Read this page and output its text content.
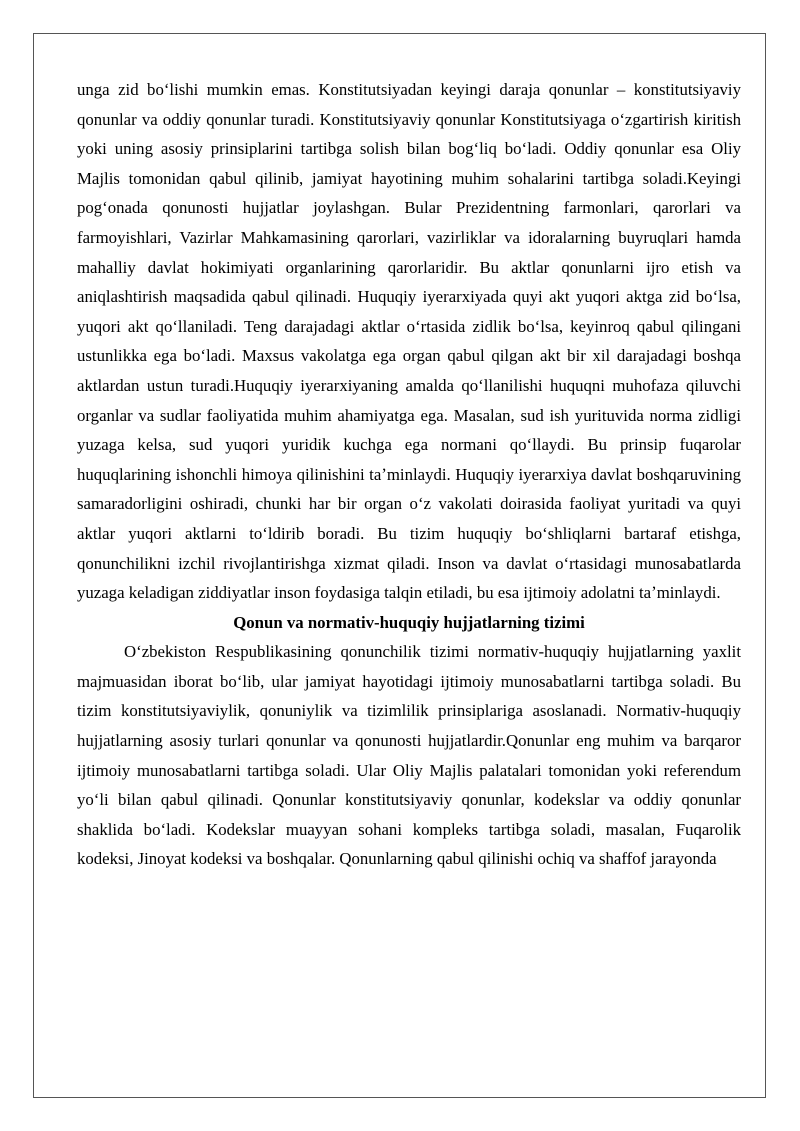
unga zid boʻlishi mumkin emas. Konstitutsiyadan keyingi daraja qonunlar – konstitutsiyaviy qonunlar va oddiy qonunlar turadi. Konstitutsiyaviy qonunlar Konstitutsiyaga oʻzgartirish kiritish yoki uning asosiy prinsiplarini tartibga solish bilan bogʻliq boʻladi. Oddiy qonunlar esa Oliy Majlis tomonidan qabul qilinib, jamiyat hayotining muhim sohalarini tartibga soladi.Keyingi pogʻonada qonunosti hujjatlar joylashgan. Bular Prezidentning farmonlari, qarorlari va farmoyishlari, Vazirlar Mahkamasining qarorlari, vazirliklar va idoralarning buyruqlari hamda mahalliy davlat hokimiyati organlarining qarorlaridir. Bu aktlar qonunlarni ijro etish va aniqlashtirish maqsadida qabul qilinadi. Huquqiy iyerarxiyada quyi akt yuqori aktga zid boʻlsa, yuqori akt qoʻllaniladi. Teng darajadagi aktlar oʻrtasida zidlik boʻlsa, keyinroq qabul qilingani ustunlikka ega boʻladi. Maxsus vakolatga ega organ qabul qilgan akt bir xil darajadagi boshqa aktlardan ustun turadi.Huquqiy iyerarxiyaning amalda qoʻllanilishi huquqni muhofaza qiluvchi organlar va sudlar faoliyatida muhim ahamiyatga ega. Masalan, sud ish yurituvida norma zidligi yuzaga kelsa, sud yuqori yuridik kuchga ega normani qoʻllaydi. Bu prinsip fuqarolar huquqlarining ishonchli himoya qilinishini taʼminlaydi. Huquqiy iyerarxiya davlat boshqaruvining samaradorligini oshiradi, chunki har bir organ oʻz vakolati doirasida faoliyat yuritadi va quyi aktlar yuqori aktlarni toʻldirib boradi. Bu tizim huquqiy boʻshliqlarni bartaraf etishga, qonunchilikni izchil rivojlantirishga xizmat qiladi. Inson va davlat oʻrtasidagi munosabatlarda yuzaga keladigan ziddiyatlar inson foydasiga talqin etiladi, bu esa ijtimoiy adolatni taʼminlaydi.

Qonun va normativ-huquqiy hujjatlarning tizimi

Oʻzbekiston Respublikasining qonunchilik tizimi normativ-huquqiy hujjatlarning yaxlit majmuasidan iborat boʻlib, ular jamiyat hayotidagi ijtimoiy munosabatlarni tartibga soladi. Bu tizim konstitutsiyaviylik, qonuniylik va tizimlilik prinsiplariga asoslanadi. Normativ-huquqiy hujjatlarning asosiy turlari qonunlar va qonunosti hujjatlardir.Qonunlar eng muhim va barqaror ijtimoiy munosabatlarni tartibga soladi. Ular Oliy Majlis palatalari tomonidan yoki referendum yoʻli bilan qabul qilinadi. Qonunlar konstitutsiyaviy qonunlar, kodekslar va oddiy qonunlar shaklida boʻladi. Kodekslar muayyan sohani kompleks tartibga soladi, masalan, Fuqarolik kodeksi, Jinoyat kodeksi va boshqalar. Qonunlarning qabul qilinishi ochiq va shaffof jarayonda
